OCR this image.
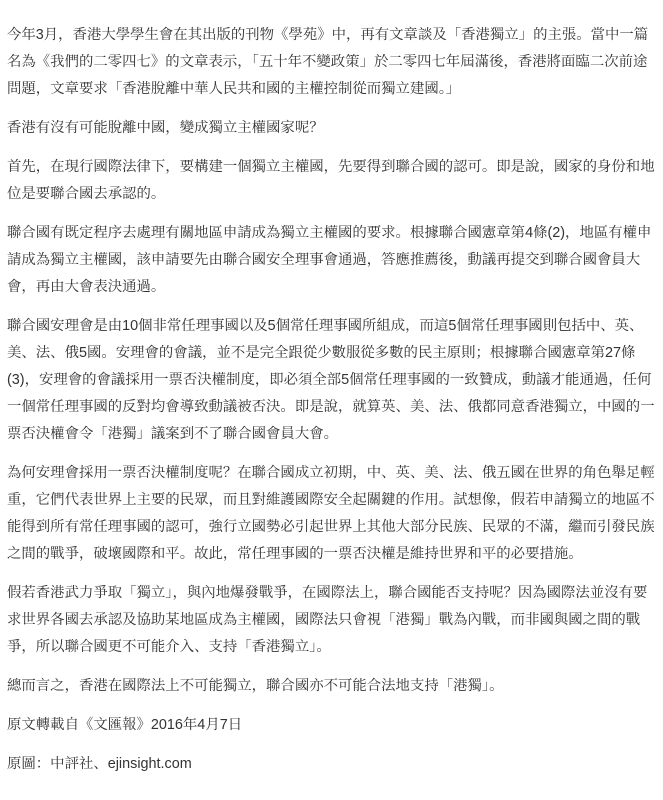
今年3月，香港大學學生會在其出版的刊物《學苑》中，再有文章談及「香港獨立」的主張。當中一篇名為《我們的二零四七》的文章表示，「五十年不變政策」於二零四七年屆滿後，香港將面臨二次前途問題，文章要求「香港脫離中華人民共和國的主權控制從而獨立建國。」

香港有沒有可能脫離中國，變成獨立主權國家呢？

首先，在現行國際法律下，要構建一個獨立主權國，先要得到聯合國的認可。即是說，國家的身份和地位是要聯合國去承認的。

聯合國有既定程序去處理有關地區申請成為獨立主權國的要求。根據聯合國憲章第4條(2)，地區有權申請成為獨立主權國，該申請要先由聯合國安全理事會通過，答應推薦後，動議再提交到聯合國會員大會，再由大會表決通過。

聯合國安理會是由10個非常任理事國以及5個常任理事國所組成，而這5個常任理事國則包括中、英、美、法、俄5國。安理會的會議，並不是完全跟從少數服從多數的民主原則；根據聯合國憲章第27條(3)，安理會的會議採用一票否決權制度，即必須全部5個常任理事國的一致贊成，動議才能通過，任何一個常任理事國的反對均會導致動議被否決。即是說，就算英、美、法、俄都同意香港獨立，中國的一票否決權會令「港獨」議案到不了聯合國會員大會。

為何安理會採用一票否決權制度呢？在聯合國成立初期，中、英、美、法、俄五國在世界的角色舉足輕重，它們代表世界上主要的民眾，而且對維護國際安全起關鍵的作用。試想像，假若申請獨立的地區不能得到所有常任理事國的認可，強行立國勢必引起世界上其他大部分民族、民眾的不滿，繼而引發民族之間的戰爭，破壞國際和平。故此，常任理事國的一票否決權是維持世界和平的必要措施。

假若香港武力爭取「獨立」，與內地爆發戰爭，在國際法上，聯合國能否支持呢？因為國際法並沒有要求世界各國去承認及協助某地區成為主權國，國際法只會視「港獨」戰為內戰，而非國與國之間的戰爭，所以聯合國更不可能介入、支持「香港獨立」。

總而言之，香港在國際法上不可能獨立，聯合國亦不可能合法地支持「港獨」。

原文轉載自《文匯報》2016年4月7日

原圖：中評社、ejinsight.com
